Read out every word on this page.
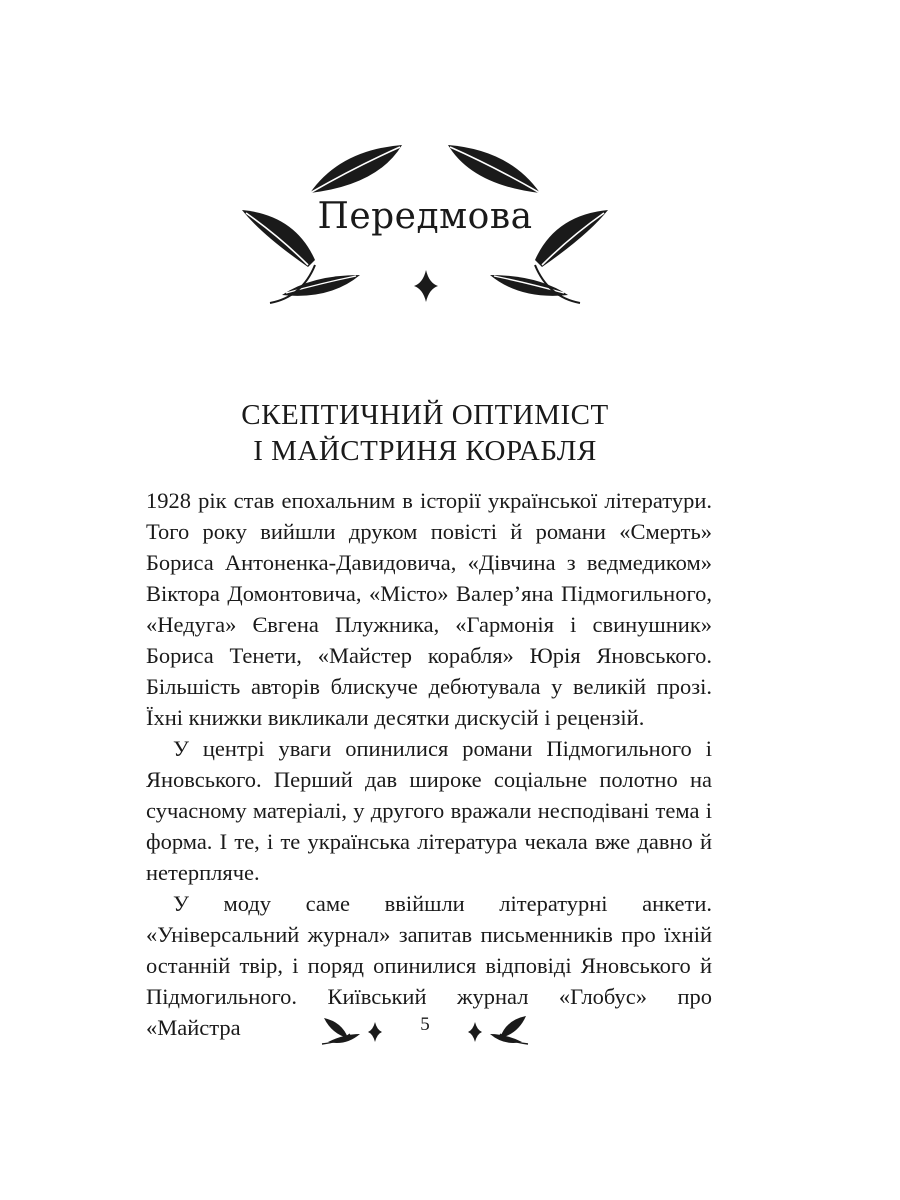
Передмова
СКЕПТИЧНИЙ ОПТИМІСТ
І МАЙСТРИНЯ КОРАБЛЯ

1928 рік став епохальним в історії української літератури. Того року вийшли друком повісті й романи «Смерть» Бориса Антоненка-Давидовича, «Дівчина з ведмедиком» Віктора Домонтовича, «Місто» Валер’яна Підмогильного, «Недуга» Євгена Плужника, «Гармонія і свинушник» Бориса Тенети, «Майстер корабля» Юрія Яновського. Більшість авторів блискуче дебютувала у великій прозі. Їхні книжки викликали десятки дискусій і рецензій.

У центрі уваги опинилися романи Підмогильного і Яновського. Перший дав широке соціальне полотно на сучасному матеріалі, у другого вражали несподівані тема і форма. І те, і те українська література чекала вже давно й нетерпляче.

У моду саме ввійшли літературні анкети. «Універсальний журнал» запитав письменників про їхній останній твір, і поряд опинилися відповіді Яновського й Підмогильного. Київський журнал «Глобус» про «Майстра	5
